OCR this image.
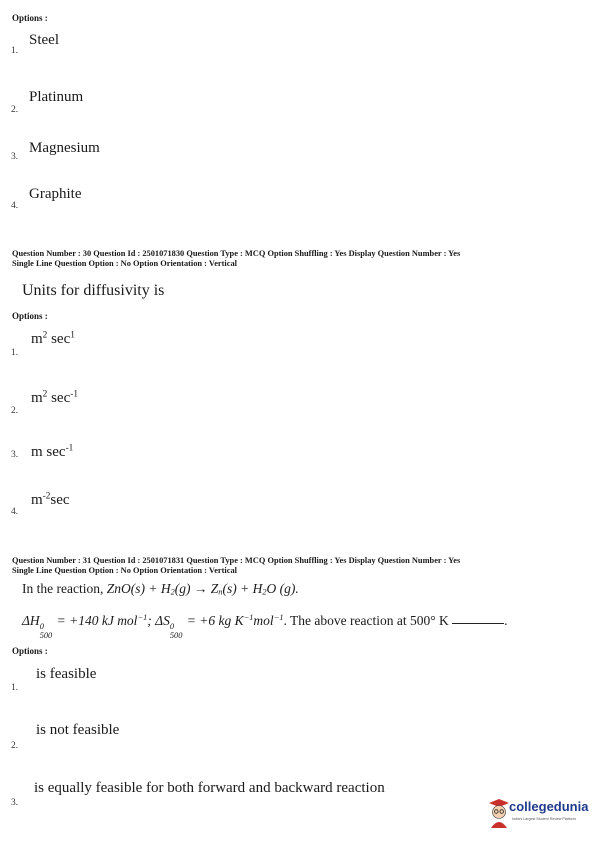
Options :
Steel
1.
Platinum
2.
Magnesium
3.
Graphite
4.
Question Number : 30 Question Id : 2501071830 Question Type : MCQ Option Shuffling : Yes Display Question Number : Yes
Single Line Question Option : No Option Orientation : Vertical
Units for diffusivity is
Options :
$m^2$ $\sec^1$
1.
$m^2$ $\sec^{-1}$
2.
m $\sec^{-1}$
3.
$m^{-2}\sec$
4.
Question Number : 31 Question Id : 2501071831 Question Type : MCQ Option Shuffling : Yes Display Question Number : Yes
Single Line Question Option : No Option Orientation : Vertical
In the reaction, $ZnO(s) + H_2(g) \to Z_n(s) + H_2O$ (g).
ΔH 0
500
= +140 kJ mol$^{-1}$; ΔS 0
500
= +6 kg $K^{-1}mol^{-1}$. The above reaction at 500° K	.
Options :
is feasible
1.
is not feasible
2.
is equally feasible for both forward and backward reaction
3.	collegedunia
India's Largest Student Review Platform
